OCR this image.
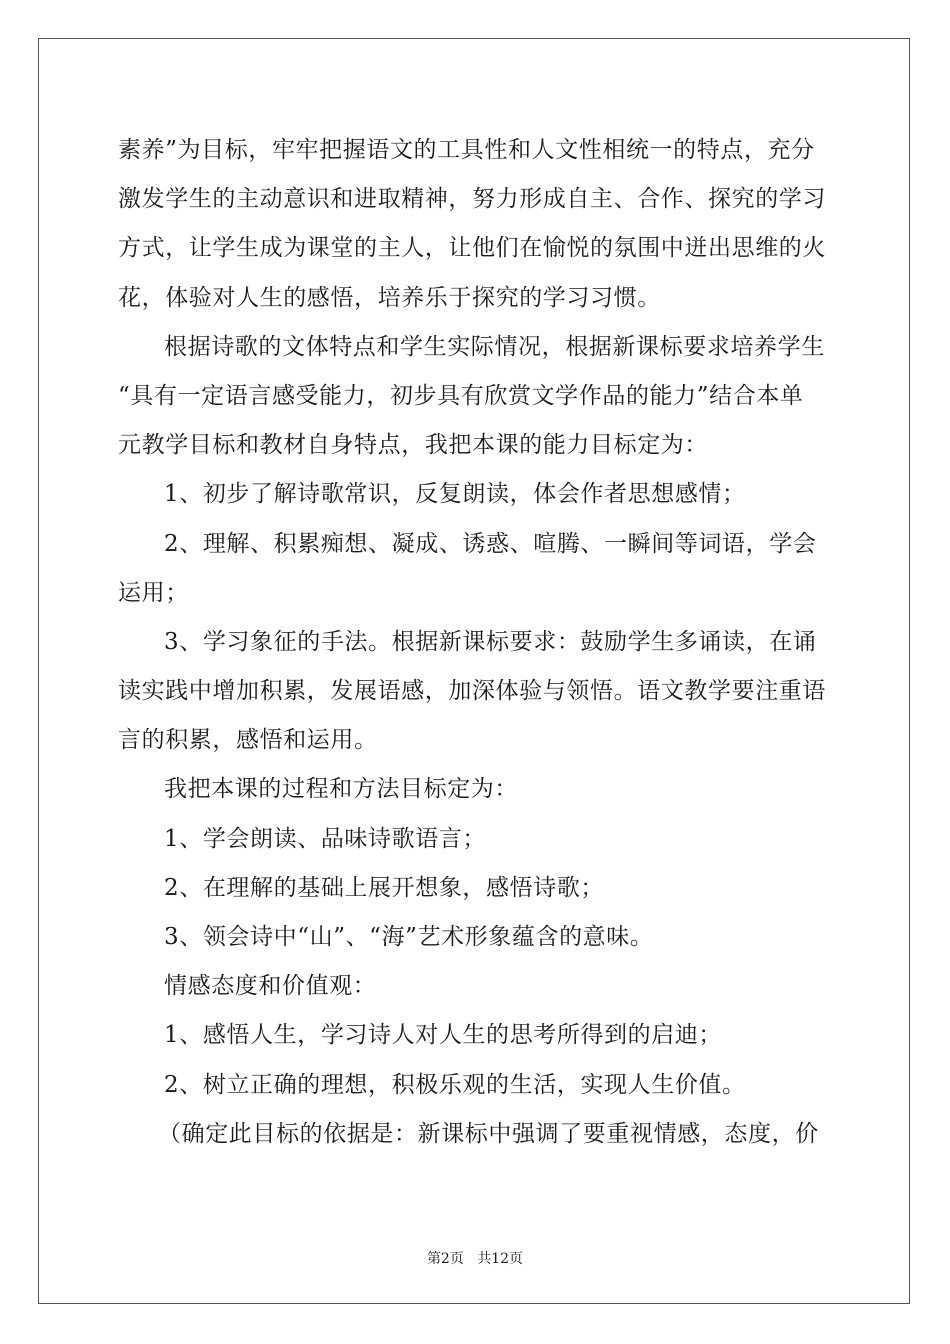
素养”为目标，牢牢把握语文的工具性和人文性相统一的特点，充分
激发学生的主动意识和进取精神，努力形成自主、合作、探究的学习
方式，让学生成为课堂的主人，让他们在愉悦的氛围中迸出思维的火
花，体验对人生的感悟，培养乐于探究的学习习惯。
根据诗歌的文体特点和学生实际情况，根据新课标要求培养学生
“具有一定语言感受能力，初步具有欣赏文学作品的能力”结合本单
元教学目标和教材自身特点，我把本课的能力目标定为：
1、初步了解诗歌常识，反复朗读，体会作者思想感情；
2、理解、积累痴想、凝成、诱惑、喧腾、一瞬间等词语，学会
运用；
3、学习象征的手法。根据新课标要求：鼓励学生多诵读，在诵
读实践中增加积累，发展语感，加深体验与领悟。语文教学要注重语
言的积累，感悟和运用。
我把本课的过程和方法目标定为：
1、学会朗读、品味诗歌语言；
2、在理解的基础上展开想象，感悟诗歌；
3、领会诗中“山”、“海”艺术形象蕴含的意味。
情感态度和价值观：
1、感悟人生，学习诗人对人生的思考所得到的启迪；
2、树立正确的理想，积极乐观的生活，实现人生价值。
（确定此目标的依据是：新课标中强调了要重视情感，态度，价
第2页 共12页
